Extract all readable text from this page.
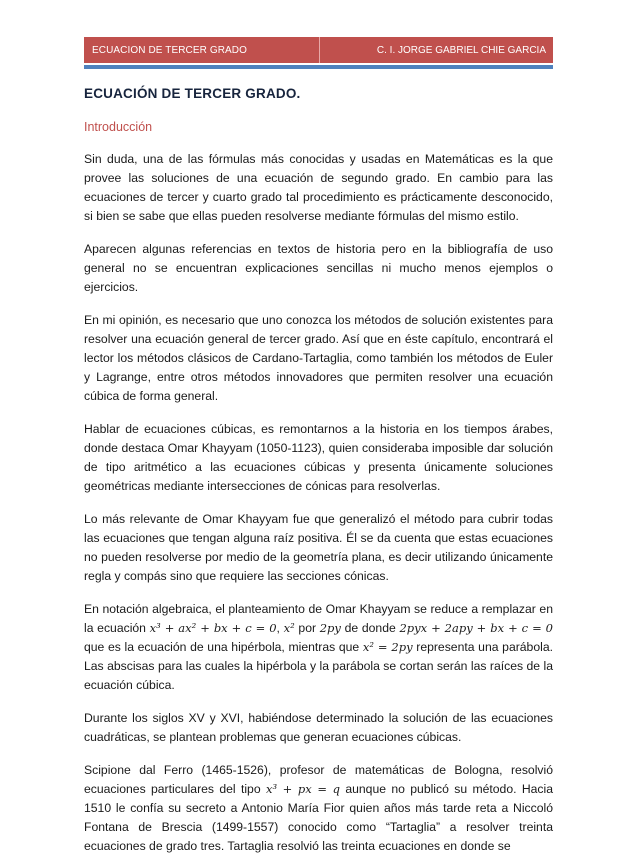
ECUACION DE TERCER GRADO	C. I. JORGE GABRIEL CHIE GARCIA
ECUACIÓN DE TERCER GRADO.
Introducción

Sin duda, una de las fórmulas más conocidas y usadas en Matemáticas es la que provee las soluciones de una ecuación de segundo grado. En cambio para las ecuaciones de tercer y cuarto grado tal procedimiento es prácticamente desconocido, si bien se sabe que ellas pueden resolverse mediante fórmulas del mismo estilo.

Aparecen algunas referencias en textos de historia pero en la bibliografía de uso general no se encuentran explicaciones sencillas ni mucho menos ejemplos o ejercicios.

En mi opinión, es necesario que uno conozca los métodos de solución existentes para resolver una ecuación general de tercer grado. Así que en éste capítulo, encontrará el lector los métodos clásicos de Cardano-Tartaglia, como también los métodos de Euler y Lagrange, entre otros métodos innovadores que permiten resolver una ecuación cúbica de forma general.

Hablar de ecuaciones cúbicas, es remontarnos a la historia en los tiempos árabes, donde destaca Omar Khayyam (1050-1123), quien consideraba imposible dar solución de tipo aritmético a las ecuaciones cúbicas y presenta únicamente soluciones geométricas mediante intersecciones de cónicas para resolverlas.

Lo más relevante de Omar Khayyam fue que generalizó el método para cubrir todas las ecuaciones que tengan alguna raíz positiva. Él se da cuenta que estas ecuaciones no pueden resolverse por medio de la geometría plana, es decir utilizando únicamente regla y compás sino que requiere las secciones cónicas.

En notación algebraica, el planteamiento de Omar Khayyam se reduce a remplazar en la ecuación x³ + ax² + bx + c = 0, x² por 2py de donde 2pyx + 2apy + bx + c = 0 que es la ecuación de una hipérbola, mientras que x² = 2py representa una parábola. Las abscisas para las cuales la hipérbola y la parábola se cortan serán las raíces de la ecuación cúbica.

Durante los siglos XV y XVI, habiéndose determinado la solución de las ecuaciones cuadráticas, se plantean problemas que generan ecuaciones cúbicas.

Scipione dal Ferro (1465-1526), profesor de matemáticas de Bologna, resolvió ecuaciones particulares del tipo x³ + px = q aunque no publicó su método. Hacia 1510 le confía su secreto a Antonio María Fior quien años más tarde reta a Niccoló Fontana de Brescia (1499-1557) conocido como “Tartaglia” a resolver treinta ecuaciones de grado tres. Tartaglia resolvió las treinta ecuaciones en donde se
